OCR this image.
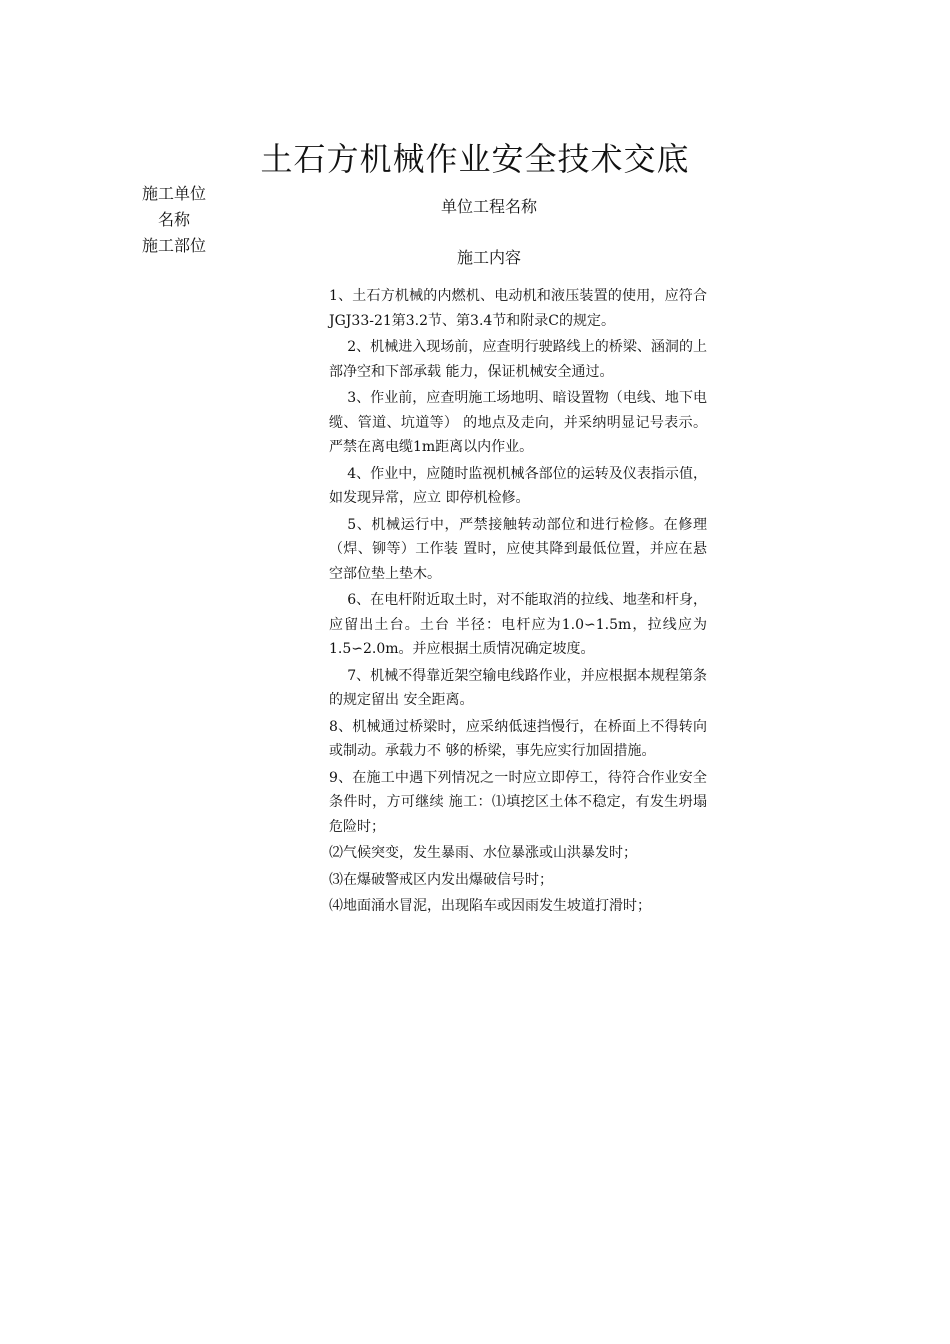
土石方机械作业安全技术交底
施工单位名称
施工部位
单位工程名称
施工内容

1、土石方机械的内燃机、电动机和液压装置的使用，应符合JGJ33-21第3.2节、第3.4节和附录C的规定。

2、机械进入现场前，应查明行驶路线上的桥梁、涵洞的上部净空和下部承载 能力，保证机械安全通过。

3、作业前，应查明施工场地明、暗设置物（电线、地下电缆、管道、坑道等） 的地点及走向，并采纳明显记号表示。严禁在离电缆1m距离以内作业。

4、作业中，应随时监视机械各部位的运转及仪表指示值，如发现异常，应立 即停机检修。

5、机械运行中，严禁接触转动部位和进行检修。在修理（焊、铆等）工作装 置时，应使其降到最低位置，并应在悬空部位垫上垫木。

6、在电杆附近取土时，对不能取消的拉线、地垄和杆身，应留出土台。土台 半径：电杆应为1.0∽1.5m，拉线应为1.5∽2.0m。并应根据土质情况确定坡度。

7、机械不得靠近架空输电线路作业，并应根据本规程第条的规定留出 安全距离。

8、机械通过桥梁时，应采纳低速挡慢行，在桥面上不得转向或制动。承载力不 够的桥梁，事先应实行加固措施。

9、在施工中遇下列情况之一时应立即停工，待符合作业安全条件时，方可继续 施工：⑴填挖区土体不稳定，有发生坍塌危险时；

⑵气候突变，发生暴雨、水位暴涨或山洪暴发时；

⑶在爆破警戒区内发出爆破信号时；

⑷地面涌水冒泥，出现陷车或因雨发生坡道打滑时；
